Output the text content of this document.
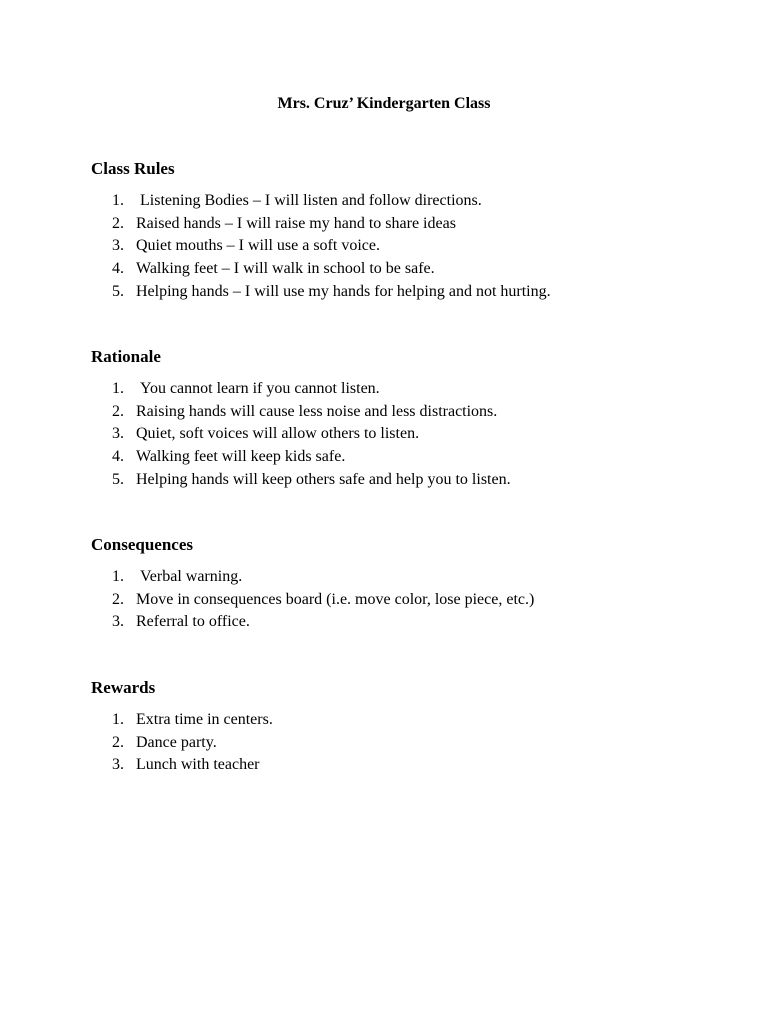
Mrs. Cruz’ Kindergarten Class
Class Rules
1. Listening Bodies – I will listen and follow directions.
2. Raised hands – I will raise my hand to share ideas
3. Quiet mouths – I will use a soft voice.
4. Walking feet – I will walk in school to be safe.
5. Helping hands – I will use my hands for helping and not hurting.
Rationale
1. You cannot learn if you cannot listen.
2. Raising hands will cause less noise and less distractions.
3. Quiet, soft voices will allow others to listen.
4. Walking feet will keep kids safe.
5. Helping hands will keep others safe and help you to listen.
Consequences
1. Verbal warning.
2. Move in consequences board (i.e. move color, lose piece, etc.)
3. Referral to office.
Rewards
1. Extra time in centers.
2. Dance party.
3. Lunch with teacher
